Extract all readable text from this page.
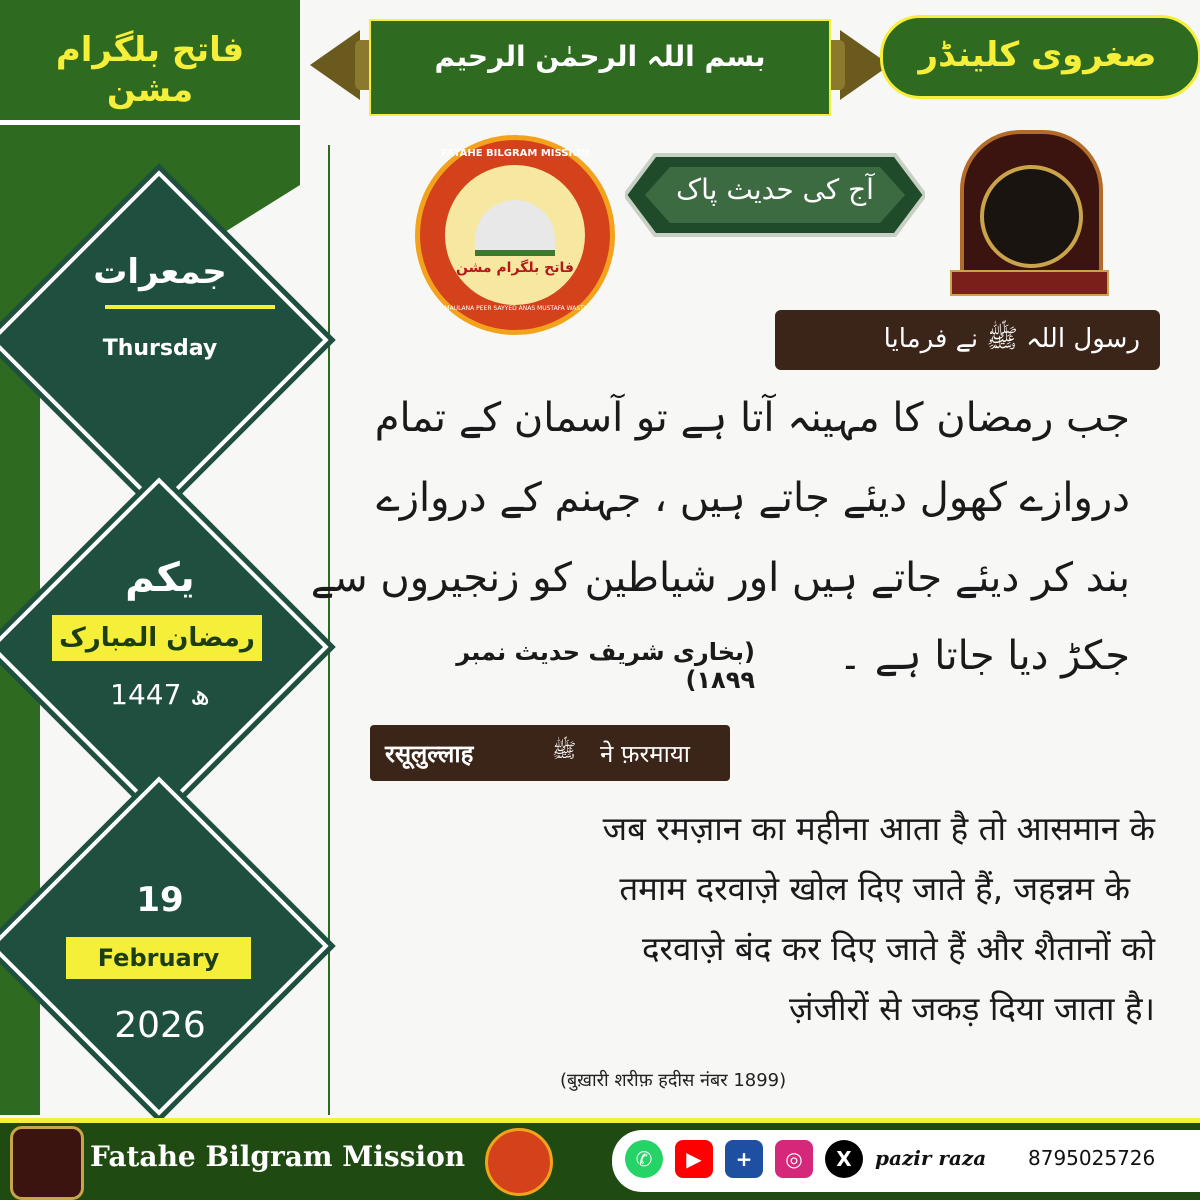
فاتح بلگرام مشن
جمعرات
Thursday
یکم
رمضان المبارک
1447 ھ
19
February
2026
بسم اللہ الرحمٰن الرحیم	صغروی کلینڈر
فاتح بلگرام مشن
FATAHE BILGRAM MISSION
MAULANA PEER SAYYED ANAS MUSTAFA WASTI
آج کی حدیث پاک
رسول اللہ ﷺ نے فرمایا
جب رمضان کا مہینہ آتا ہے تو آسمان کے تمام
دروازے کھول دیئے جاتے ہیں ، جہنم کے دروازے
بند کر دیئے جاتے ہیں اور شیاطین کو زنجیروں سے
جکڑ دیا جاتا ہے ۔
(بخاری شریف حدیث نمبر ۱۸۹۹)
रसूलुल्लाह	ﷺ ने फ़रमाया
जब रमज़ान का महीना आता है तो आसमान के
तमाम दरवाज़े खोल दिए जाते हैं, जहन्नम के
दरवाज़े बंद कर दिए जाते हैं और शैतानों को
ज़ंजीरों से जकड़ दिया जाता है।
(बुख़ारी शरीफ़ हदीस नंबर 1899)
Fatahe Bilgram Mission	✆	▶	+	◎	X	pazir raza 8795025726
